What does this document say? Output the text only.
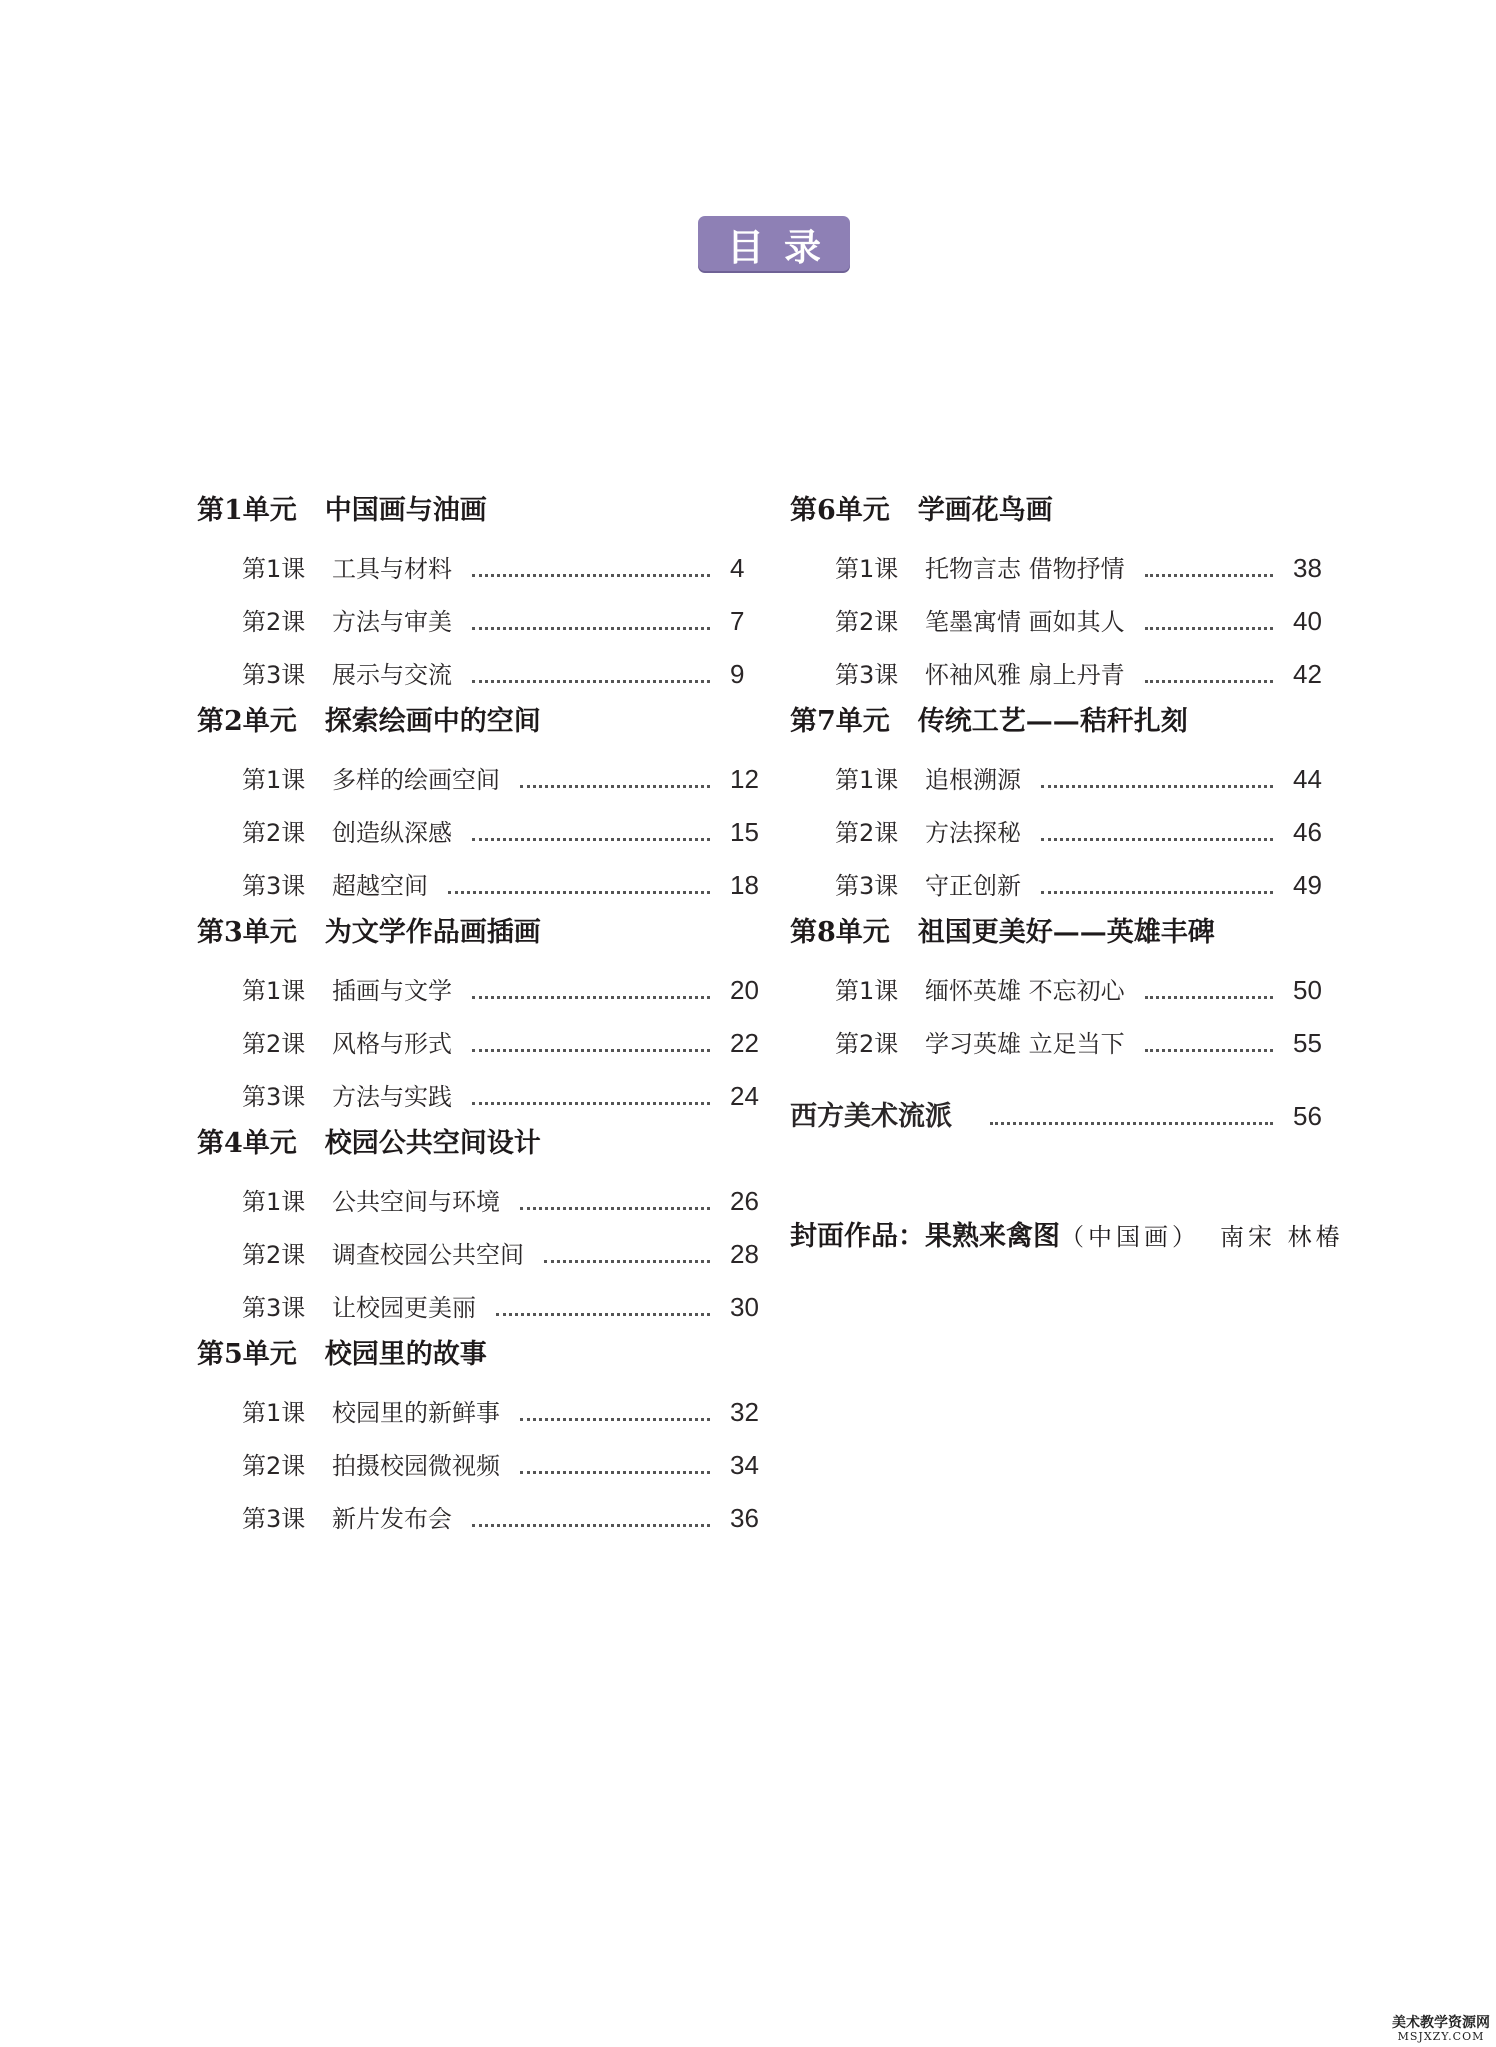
目录
第1单元 中国画与油画
第1课	工具与材料	4
第2课	方法与审美	7
第3课	展示与交流	9
第2单元 探索绘画中的空间
第1课	多样的绘画空间	12
第2课	创造纵深感	15
第3课	超越空间	18
第3单元 为文学作品画插画
第1课	插画与文学	20
第2课	风格与形式	22
第3课	方法与实践	24
第4单元 校园公共空间设计
第1课	公共空间与环境	26
第2课	调查校园公共空间	28
第3课	让校园更美丽	30
第5单元 校园里的故事
第1课	校园里的新鲜事	32
第2课	拍摄校园微视频	34
第3课	新片发布会	36
第6单元 学画花鸟画
第1课	托物言志 借物抒情	38
第2课	笔墨寓情 画如其人	40
第3课	怀袖风雅 扇上丹青	42
第7单元 传统工艺——秸秆扎刻
第1课	追根溯源	44
第2课	方法探秘	46
第3课	守正创新	49
第8单元 祖国更美好——英雄丰碑
第1课	缅怀英雄 不忘初心	50
第2课	学习英雄 立足当下	55
西方美术流派	56
封面作品：果熟来禽图（中国画） 南宋 林椿
美术教学资源网
MSJXZY.COM
